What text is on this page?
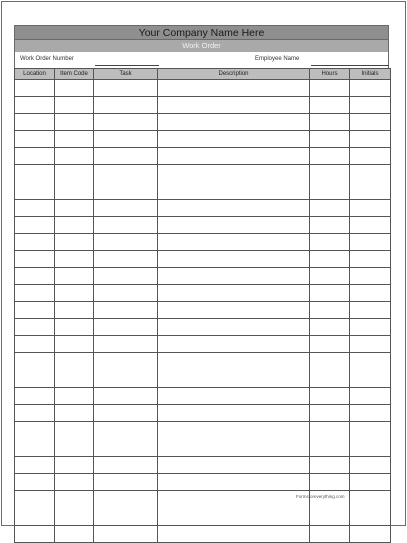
Your Company Name Here
Work Order
Work Order Number	Employee Name
Location	Item Code	Task	Description	Hours	Initials

Formsforeverything.com
